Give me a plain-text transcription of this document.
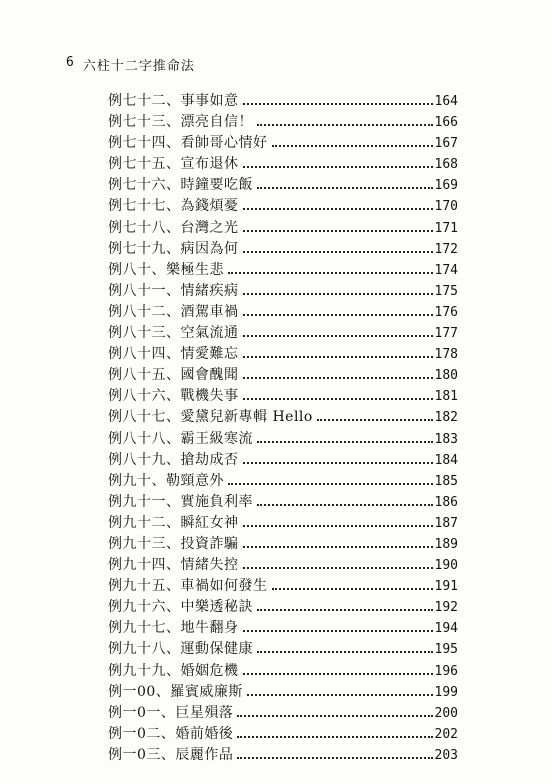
6 六柱十二字推命法
例七十二、事事如意	164
例七十三、漂亮自信！	166
例七十四、看帥哥心情好	167
例七十五、宣布退休	168
例七十六、時鐘要吃飯	169
例七十七、為錢煩憂	170
例七十八、台灣之光	171
例七十九、病因為何	172
例八十、樂極生悲	174
例八十一、情緒疾病	175
例八十二、酒駕車禍	176
例八十三、空氣流通	177
例八十四、情愛難忘	178
例八十五、國會醜聞	180
例八十六、戰機失事	181
例八十七、愛黛兒新專輯 Hello	182
例八十八、霸王級寒流	183
例八十九、搶劫成否	184
例九十、勒頸意外	185
例九十一、實施負利率	186
例九十二、瞬紅女神	187
例九十三、投資詐騙	189
例九十四、情緒失控	190
例九十五、車禍如何發生	191
例九十六、中樂透秘訣	192
例九十七、地牛翻身	194
例九十八、運動保健康	195
例九十九、婚姻危機	196
例一00、羅賓威廉斯	199
例一0一、巨星殞落	200
例一0二、婚前婚後	202
例一0三、辰麗作品	203
